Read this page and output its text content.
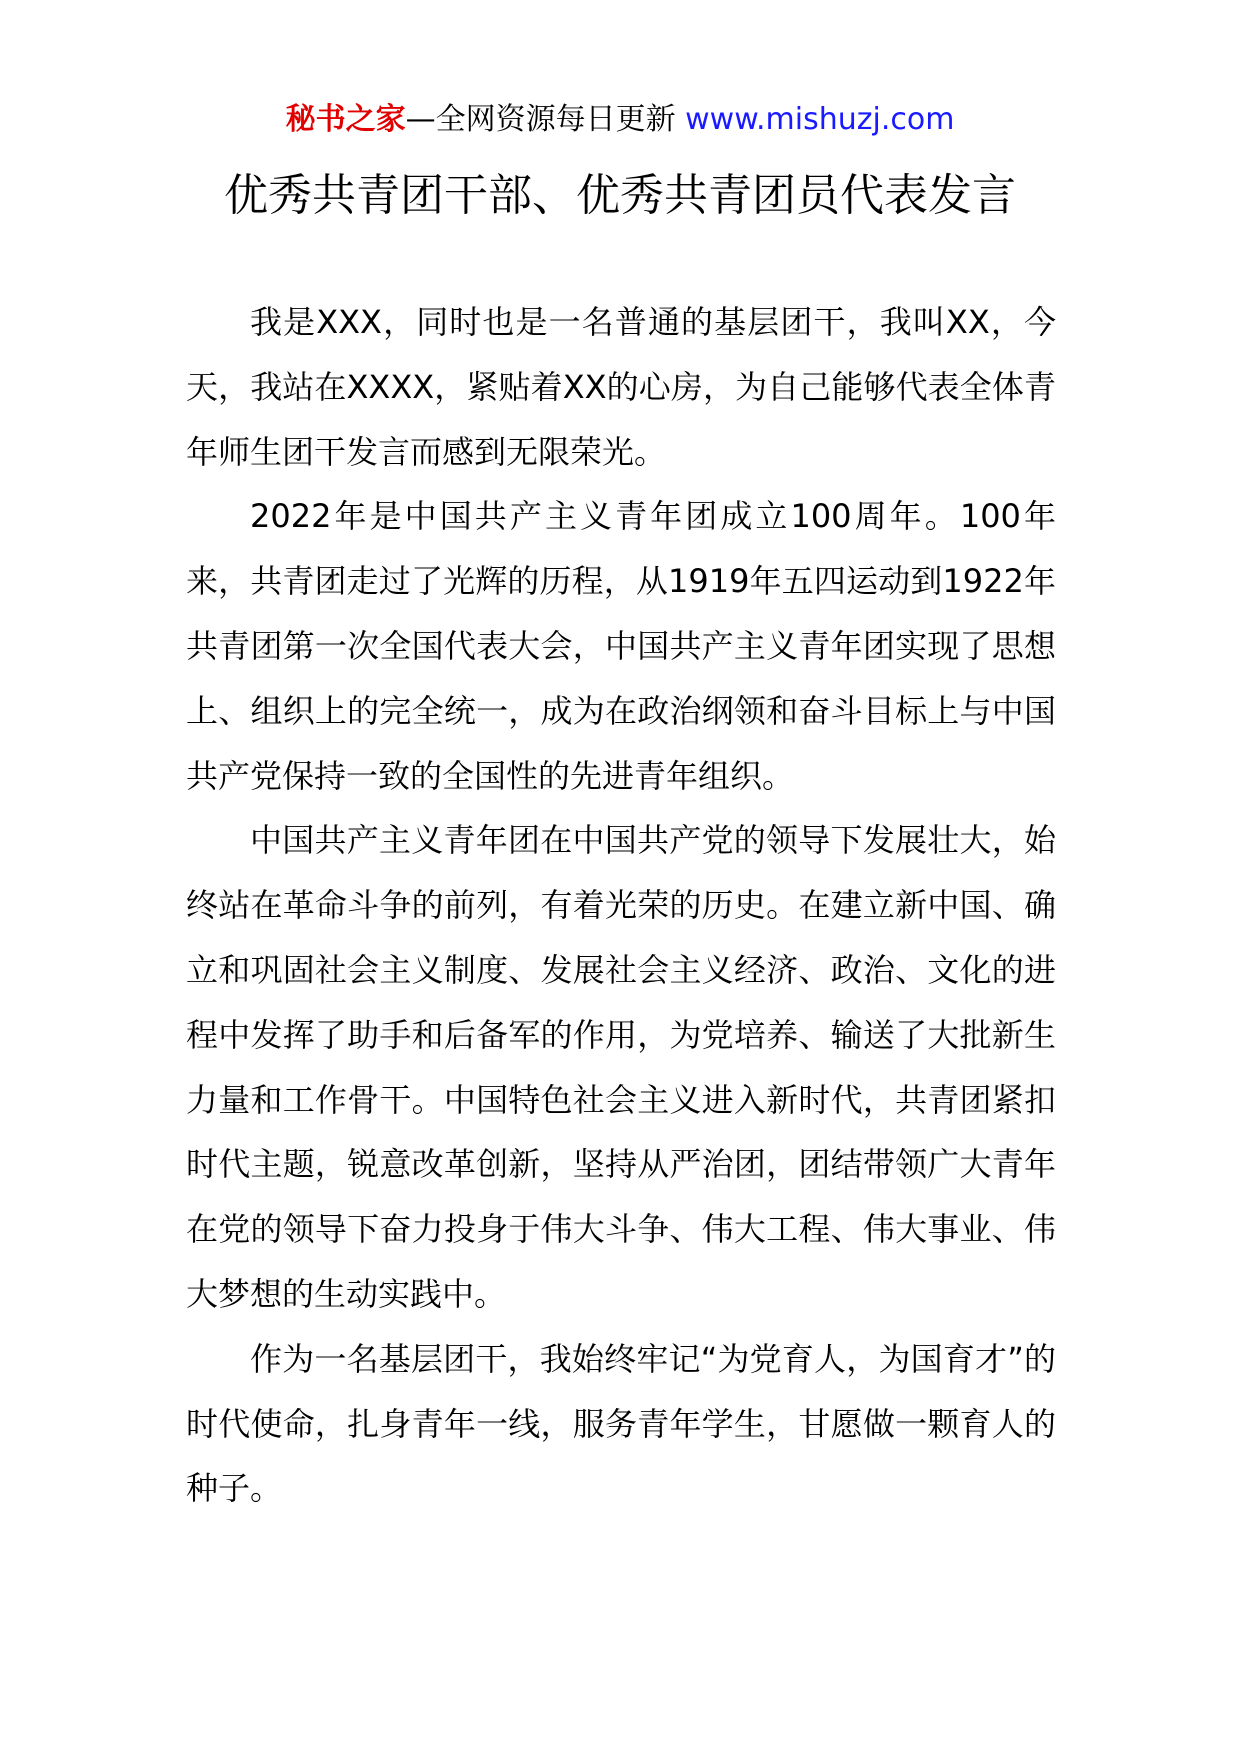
秘书之家—全网资源每日更新 www.mishuzj.com
优秀共青团干部、优秀共青团员代表发言

我是XXX，同时也是一名普通的基层团干，我叫XX，今天，我站在XXXX，紧贴着XX的心房，为自己能够代表全体青年师生团干发言而感到无限荣光。

2022年是中国共产主义青年团成立100周年。100年来，共青团走过了光辉的历程，从1919年五四运动到1922年共青团第一次全国代表大会，中国共产主义青年团实现了思想上、组织上的完全统一，成为在政治纲领和奋斗目标上与中国共产党保持一致的全国性的先进青年组织。

中国共产主义青年团在中国共产党的领导下发展壮大，始终站在革命斗争的前列，有着光荣的历史。在建立新中国、确立和巩固社会主义制度、发展社会主义经济、政治、文化的进程中发挥了助手和后备军的作用，为党培养、输送了大批新生力量和工作骨干。中国特色社会主义进入新时代，共青团紧扣时代主题，锐意改革创新，坚持从严治团，团结带领广大青年在党的领导下奋力投身于伟大斗争、伟大工程、伟大事业、伟大梦想的生动实践中。

作为一名基层团干，我始终牢记“为党育人，为国育才”的时代使命，扎身青年一线，服务青年学生，甘愿做一颗育人的种子。
